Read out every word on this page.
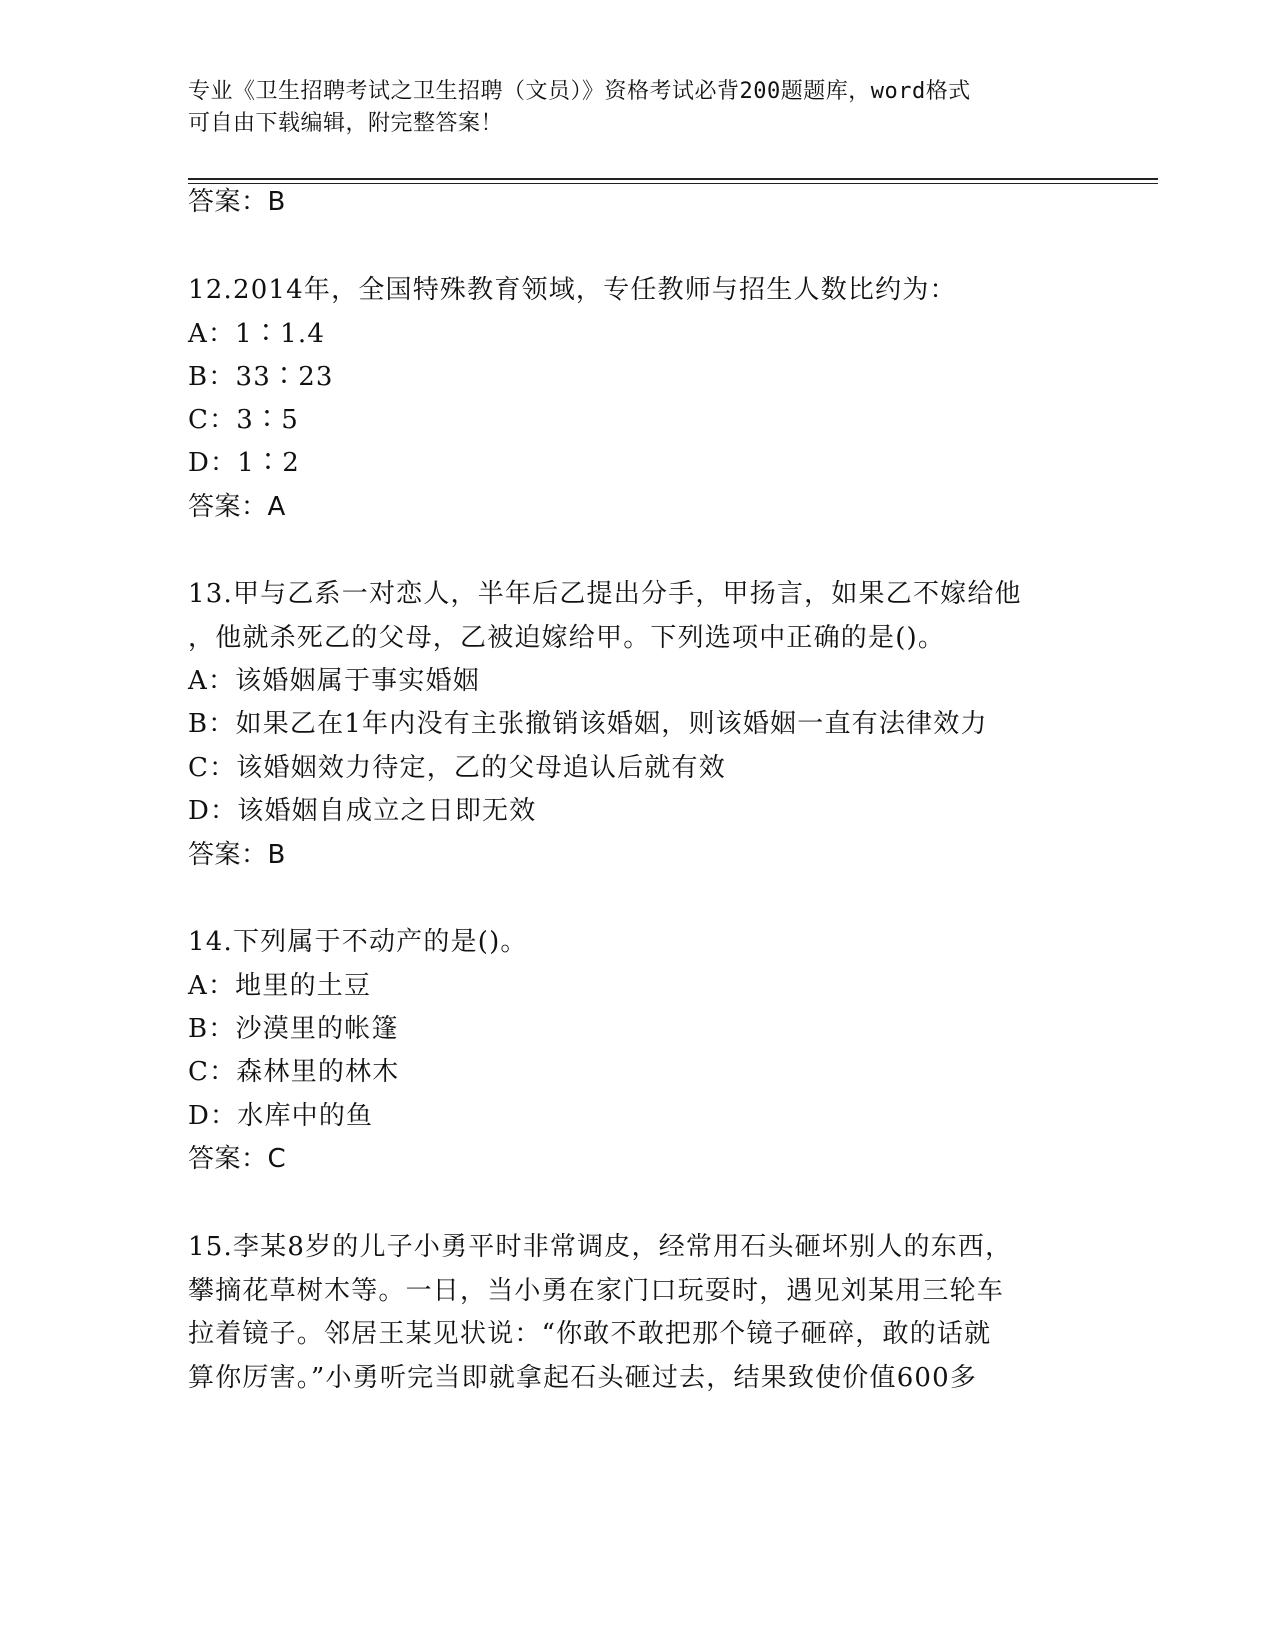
专业《卫生招聘考试之卫生招聘（文员）》资格考试必背200题题库，word格式
可自由下载编辑，附完整答案！
答案：B
12.2014年，全国特殊教育领域，专任教师与招生人数比约为：
A：1∶1.4
B：33∶23
C：3∶5
D：1∶2
答案：A
13.甲与乙系一对恋人，半年后乙提出分手，甲扬言，如果乙不嫁给他
，他就杀死乙的父母，乙被迫嫁给甲。下列选项中正确的是()。
A：该婚姻属于事实婚姻
B：如果乙在1年内没有主张撤销该婚姻，则该婚姻一直有法律效力
C：该婚姻效力待定，乙的父母追认后就有效
D：该婚姻自成立之日即无效
答案：B
14.下列属于不动产的是()。
A：地里的土豆
B：沙漠里的帐篷
C：森林里的林木
D：水库中的鱼
答案：C
15.李某8岁的儿子小勇平时非常调皮，经常用石头砸坏别人的东西，
攀摘花草树木等。一日，当小勇在家门口玩耍时，遇见刘某用三轮车
拉着镜子。邻居王某见状说：“你敢不敢把那个镜子砸碎，敢的话就
算你厉害。”小勇听完当即就拿起石头砸过去，结果致使价值600多
